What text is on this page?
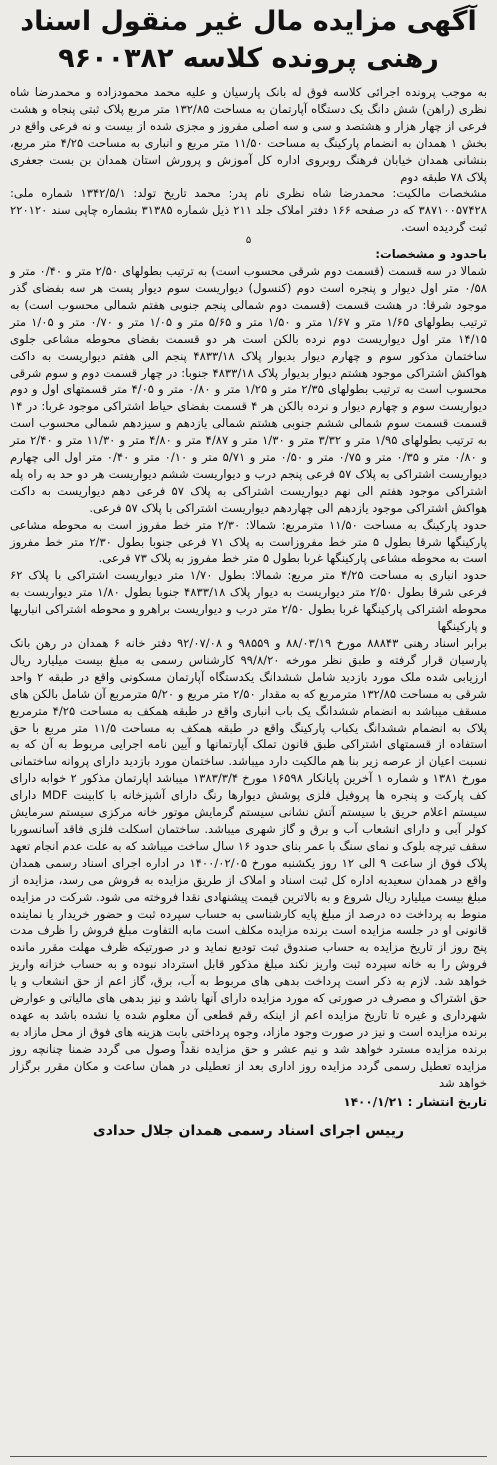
آگهی مزایده مال غیر منقول اسناد
رهنی پرونده کلاسه ۹۶۰۰۳۸۲

به موجب پرونده اجرائی کلاسه فوق له بانک پارسیان و علیه محمد محمودزاده و محمدرضا شاه نظری (راهن) شش دانگ یک دستگاه آپارتمان به مساحت ۱۳۲/۸۵ متر مربع پلاک ثبتی پنجاه و هشت فرعی از چهار هزار و هشتصد و سی و سه اصلی مفروز و مجزی شده از بیست و نه فرعی واقع در بخش ۱ همدان به انضمام پارکینگ به مساحت ۱۱/۵۰ متر مربع و انباری به مساحت ۴/۲۵ متر مربع، بنشانی همدان خیابان فرهنگ روبروی اداره کل آموزش و پرورش استان همدان بن بست جعفری پلاک ۷۸ طبقه دوم

مشخصات مالکیت: محمدرضا شاه نظری نام پدر: محمد تاریخ تولد: ۱۳۴۲/۵/۱ شماره ملی: ۳۸۷۱۰۰۵۷۴۲۸ که در صفحه ۱۶۶ دفتر املاک جلد ۲۱۱ ذیل شماره ۳۱۳۸۵ بشماره چاپی سند ۲۲۰۱۲۰ ثبت گردیده است.

۵

باحدود و مشخصات:

شمالا در سه قسمت (قسمت دوم شرقی محسوب است) به ترتیب بطولهای ۲/۵۰ متر و ۰/۴۰ متر و ۰/۵۸ متر اول دیوار و پنجره است دوم (کنسول) دیواریست سوم دیوار پست هر سه بفضای گذر موجود شرقا: در هشت قسمت (قسمت دوم شمالی پنجم جنوبی هفتم شمالی محسوب است) به ترتیب بطولهای ۱/۶۵ متر و ۱/۶۷ متر و ۱/۵۰ متر و ۵/۶۵ متر و ۱/۰۵ متر و ۰/۷۰ متر و ۱/۰۵ متر ۱۴/۱۵ متر اول دیواریست دوم نرده بالکن است هر دو قسمت بفضای محوطه مشاعی جلوی ساختمان مذکور سوم و چهارم دیوار بدیوار پلاک ۴۸۳۳/۱۸ پنجم الی هفتم دیواریست به داکت هواکش اشتراکی موجود هشتم دیوار بدیوار پلاک ۴۸۳۳/۱۸ جنوبا: در چهار قسمت دوم و سوم شرقی محسوب است به ترتیب بطولهای ۲/۳۵ متر و ۱/۲۵ متر و ۰/۸۰ متر و ۴/۰۵ متر قسمتهای اول و دوم دیواریست سوم و چهارم دیوار و نرده بالکن هر ۴ قسمت بفضای حیاط اشتراکی موجود غربا: در ۱۴ قسمت قسمت سوم شمالی ششم جنوبی هشتم شمالی یازدهم و سیزدهم شمالی محسوب است به ترتیب بطولهای ۱/۹۵ متر و ۳/۳۲ متر و ۱/۳۰ متر و ۴/۸۷ متر و ۴/۸۰ متر و ۱۱/۳۰ متر و ۲/۴۰ متر و ۰/۸۰ متر و ۰/۳۵ متر و ۰/۷۵ متر و ۰/۵۰ متر و ۵/۷۱ متر و ۰/۱۰ متر و ۰/۴۰ متر اول الی چهارم دیواریست اشتراکی به پلاک ۵۷ فرعی پنجم درب و دیواریست ششم دیواریست هر دو حد به راه پله اشتراکی موجود هفتم الی نهم دیواریست اشتراکی به پلاک ۵۷ فرعی دهم دیواریست به داکت هواکش اشتراکی موجود یازدهم الی چهاردهم دیواریست اشتراکی با پلاک ۵۷ فرعی.

حدود پارکینگ به مساحت ۱۱/۵۰ مترمربع: شمالا: ۲/۳۰ متر خط مفروز است به محوطه مشاعی پارکینگها شرقا بطول ۵ متر خط مفروزاست به پلاک ۷۱ فرعی جنوبا بطول ۲/۳۰ متر خط مفروز است به محوطه مشاعی پارکینگها غربا بطول ۵ متر خط مفروز به پلاک ۷۳ فرعی.

حدود انباری به مساحت ۴/۲۵ متر مربع: شمالا: بطول ۱/۷۰ متر دیواریست اشتراکی با پلاک ۶۲ فرعی شرقا بطول ۲/۵۰ متر دیواریست به دیوار پلاک ۴۸۳۳/۱۸ جنوبا بطول ۱/۸۰ متر دیواریست به محوطه اشتراکی پارکینگها غربا بطول ۲/۵۰ متر درب و دیواریست براهرو و محوطه اشتراکی انباریها و پارکینگها

برابر اسناد رهنی ۸۸۸۴۳ مورخ ۸۸/۰۳/۱۹ و ۹۸۵۵۹ و ۹۲/۰۷/۰۸ دفتر خانه ۶ همدان در رهن بانک پارسیان قرار گرفته و طبق نظر مورخه ۹۹/۸/۲۰ کارشناس رسمی به مبلغ بیست میلیارد ریال ارزیابی شده ملک مورد بازدید شامل ششدانگ یکدستگاه آپارتمان مسکونی واقع در طبقه ۲ واحد شرقی به مساحت ۱۳۲/۸۵ مترمربع که به مقدار ۲/۵۰ متر مربع و ۵/۲۰ مترمربع آن شامل بالکن های مسقف میباشد به انضمام ششدانگ یک باب انباری واقع در طبقه همکف به مساحت ۴/۲۵ مترمربع پلاک به انضمام ششدانگ یکباب پارکینگ واقع در طبقه همکف به مساحت ۱۱/۵ متر مربع با حق استفاده از قسمتهای اشتراکی طبق قانون تملک آپارتمانها و آیین نامه اجرایی مربوط به آن که به نسبت اعیان از عرصه زیر بنا هم مالکیت دارد میباشد. ساختمان مورد بازدید دارای پروانه ساختمانی مورخ ۱۳۸۱ و شماره ۱ آخرین پایانکار ۱۶۵۹۸ مورخ ۱۳۸۳/۳/۴ میباشد اپارتمان مذکور ۲ خوابه دارای کف پارکت و پنجره ها پروفیل فلزی پوشش دیوارها رنگ دارای آشپزخانه با کابینت MDF دارای سیستم اعلام حریق با سیستم آتش نشانی سیستم گرمایش موتور خانه مرکزی سیستم سرمایش کولر آبی و دارای انشعاب آب و برق و گاز شهری میباشد. ساختمان اسکلت فلزی فاقد آسانسوربا سقف تیرچه بلوک و نمای سنگ با عمر بنای حدود ۱۶ سال ساخت میباشد که به علت عدم انجام تعهد پلاک فوق از ساعت ۹ الی ۱۲ روز یکشنبه مورخ ۱۴۰۰/۰۲/۰۵ در اداره اجرای اسناد رسمی همدان واقع در همدان سعیدیه اداره کل ثبت اسناد و املاک از طریق مزایده به فروش می رسد، مزایده از مبلغ بیست میلیارد ریال شروع و به بالاترین قیمت پیشنهادی نقدا فروخته می شود. شرکت در مزایده منوط به پرداخت ده درصد از مبلغ پایه کارشناسی به حساب سپرده ثبت و حضور خریدار یا نماینده قانونی او در جلسه مزایده است برنده مزایده مکلف است مابه التفاوت مبلغ فروش را ظرف مدت پنج روز از تاریخ مزایده به حساب صندوق ثبت تودیع نماید و در صورتیکه ظرف مهلت مقرر مانده فروش را به خانه سپرده ثبت واریز نکند مبلغ مذکور قابل استرداد نبوده و به حساب خزانه واریز خواهد شد. لازم به ذکر است پرداخت بدهی های مربوط به آب، برق، گاز اعم از حق انشعاب و یا حق اشتراک و مصرف در صورتی که مورد مزایده دارای آنها باشد و نیز بدهی های مالیاتی و عوارض شهرداری و غیره تا تاریخ مزایده اعم از اینکه رقم قطعی آن معلوم شده یا نشده باشد به عهده برنده مزایده است و نیز در صورت وجود مازاد، وجوه پرداختی بابت هزینه های فوق از محل مازاد به برنده مزایده مسترد خواهد شد و نیم عشر و حق مزایده نقداً وصول می گردد ضمنا چنانچه روز مزایده تعطیل رسمی گردد مزایده روز اداری بعد از تعطیلی در همان ساعت و مکان مقرر برگزار خواهد شد

تاریخ انتشار : ۱۴۰۰/۱/۲۱

رییس اجرای اسناد رسمی همدان جلال حدادی
